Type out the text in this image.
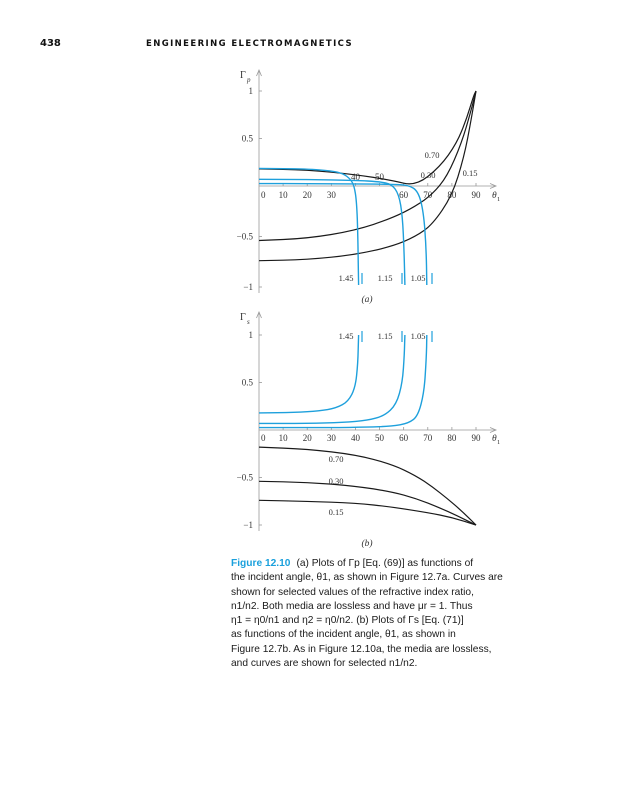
438	ENGINEERING ELECTROMAGNETICS
Γ p
1
0.5
−0.5
−1
0 10 20 30
40 50
60 70 80 90 θ 1
0.70
0.30	0.15
1.45	1.15 1.05
(a)
Γ s
1
0.5
−0.5
−1
0 10 20 30 40 50 60 70 80 90 θ 1
1.45	1.15 1.05
0.70
0.30
0.15
(b)

Figure 12.10 (a) Plots of Γp [Eq. (69)] as functions of

the incident angle, θ1, as shown in Figure 12.7a. Curves are

shown for selected values of the refractive index ratio,

n1/n2. Both media are lossless and have μr = 1. Thus

η1 = η0/n1 and η2 = η0/n2. (b) Plots of Γs [Eq. (71)]

as functions of the incident angle, θ1, as shown in

Figure 12.7b. As in Figure 12.10a, the media are lossless,

and curves are shown for selected n1/n2.
